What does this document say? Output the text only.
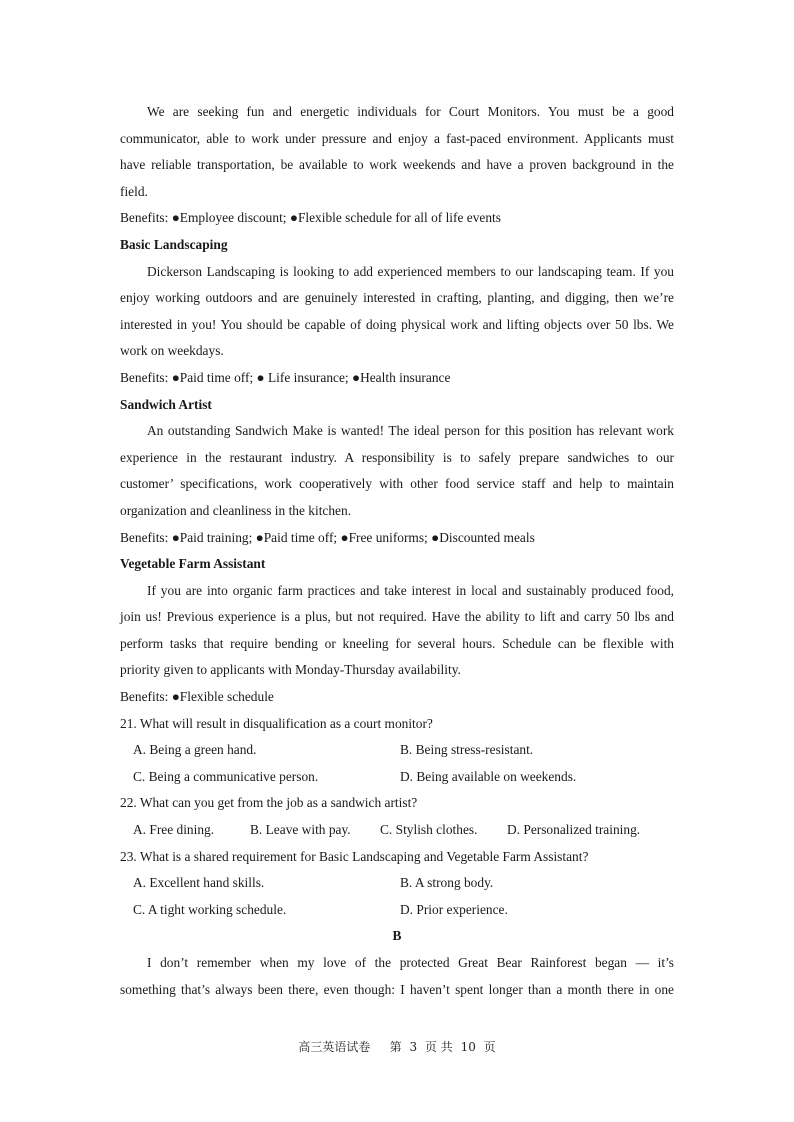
We are seeking fun and energetic individuals for Court Monitors. You must be a good
communicator, able to work under pressure and enjoy a fast-paced environment. Applicants must
have reliable transportation, be available to work weekends and have a proven background in the
field.
Benefits: ●Employee discount; ●Flexible schedule for all of life events
Basic Landscaping
Dickerson Landscaping is looking to add experienced members to our landscaping team. If you
enjoy working outdoors and are genuinely interested in crafting, planting, and digging, then we’re
interested in you! You should be capable of doing physical work and lifting objects over 50 lbs. We
work on weekdays.
Benefits: ●Paid time off; ● Life insurance; ●Health insurance
Sandwich Artist
An outstanding Sandwich Make is wanted! The ideal person for this position has relevant work
experience in the restaurant industry. A responsibility is to safely prepare sandwiches to our
customer’ specifications, work cooperatively with other food service staff and help to maintain
organization and cleanliness in the kitchen.
Benefits: ●Paid training; ●Paid time off; ●Free uniforms; ●Discounted meals
Vegetable Farm Assistant
If you are into organic farm practices and take interest in local and sustainably produced food,
join us! Previous experience is a plus, but not required. Have the ability to lift and carry 50 lbs and
perform tasks that require bending or kneeling for several hours. Schedule can be flexible with
priority given to applicants with Monday-Thursday availability.
Benefits: ●Flexible schedule
21. What will result in disqualification as a court monitor?
A. Being a green hand.	B. Being stress-resistant.
C. Being a communicative person.	D. Being available on weekends.
22. What can you get from the job as a sandwich artist?
A. Free dining.	B. Leave with pay. C. Stylish clothes. D. Personalized training.
23. What is a shared requirement for Basic Landscaping and Vegetable Farm Assistant?
A. Excellent hand skills.	B. A strong body.
C. A tight working schedule.	D. Prior experience.
B
I don’t remember when my love of the protected Great Bear Rainforest began — it’s
something that’s always been there, even though: I haven’t spent longer than a month there in one
高三英语试卷 第 3 页 共 10 页
